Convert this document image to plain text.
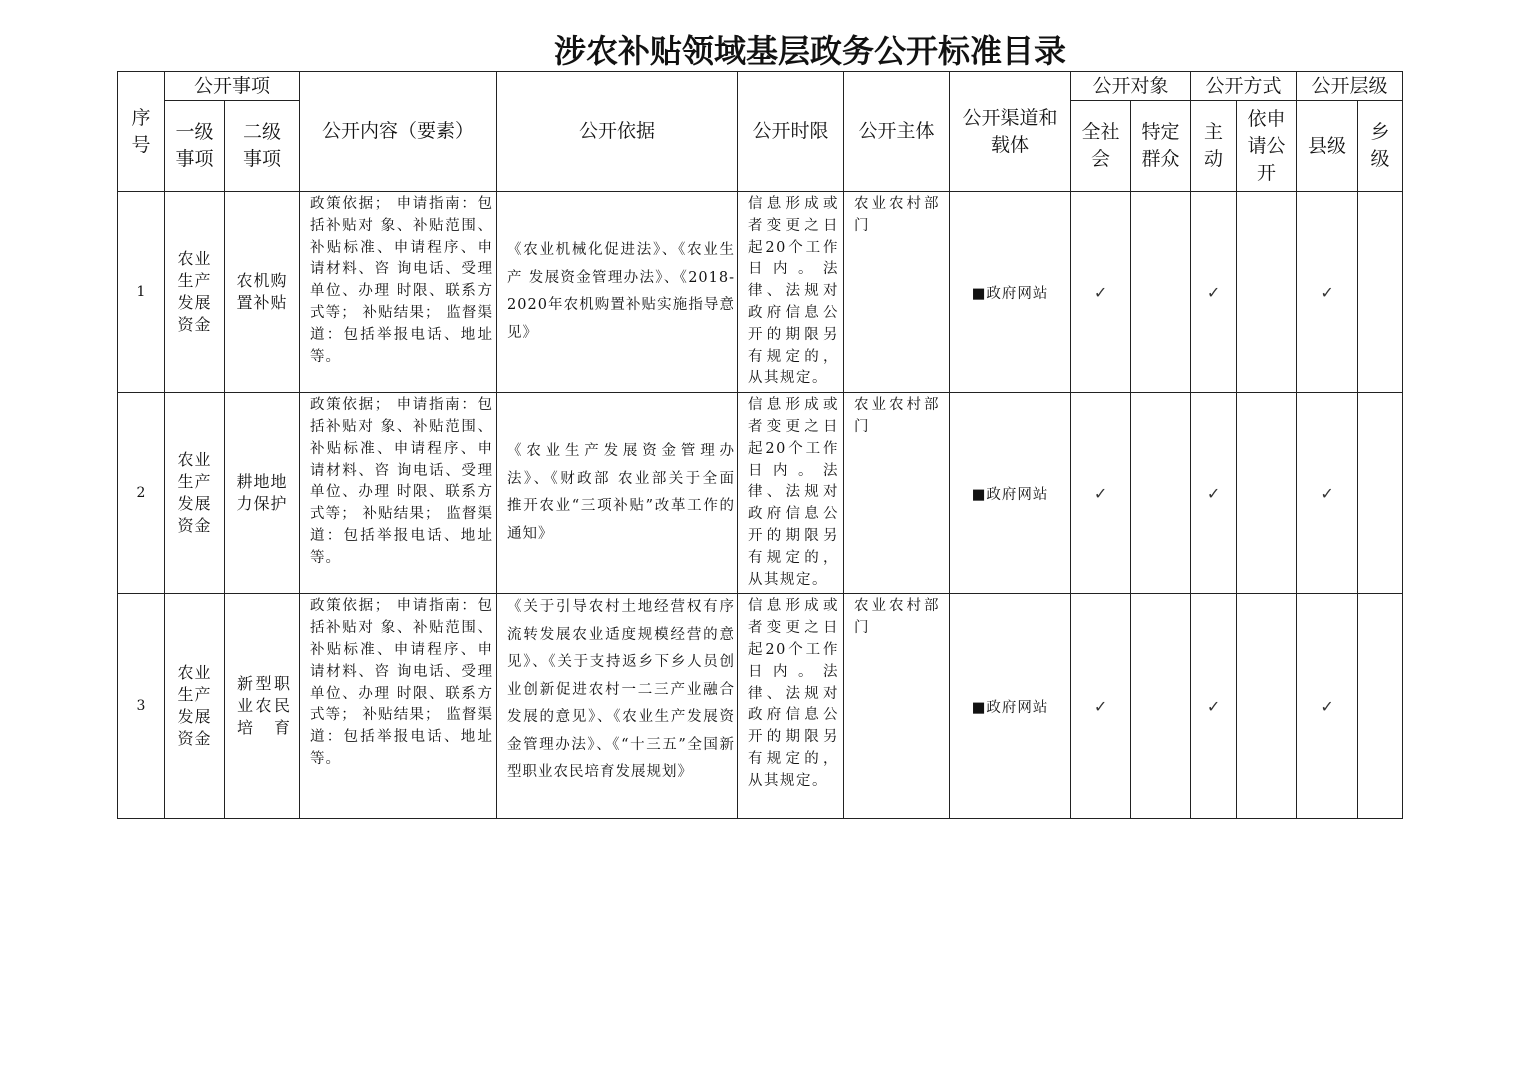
涉农补贴领域基层政务公开标准目录
序号	公开事项		公开内容（要素）	公开依据	公开时限	公开主体	公开渠道和载体	公开对象		公开方式		公开层级	

	一级事项	二级事项						全社会	特定群众	主动	依申请公开	县级	乡级

1	农业生产发展资金	农机购置补贴	政策依据； 申请指南：包括补贴对 象、补贴范围、补贴标准、申请程序、申请材料、咨 询电话、受理单位、办理 时限、联系方式等； 补贴结果； 监督渠道：包括举报电话、地址等。	《农业机械化促进法》、《农业生产 发展资金管理办法》、《2018-2020年农机购置补贴实施指导意见》	信息形成或者变更之日起20个工作日内。法律、法规对政府信息公开的期限另有规定的，从其规定。	农业农村部门	■政府网站	✓		✓		✓	
2	农业生产发展资金	耕地地力保护	政策依据； 申请指南：包括补贴对 象、补贴范围、补贴标准、申请程序、申请材料、咨 询电话、受理单位、办理 时限、联系方式等； 补贴结果； 监督渠道：包括举报电话、地址等。	《农业生产发展资金管理办 法》、《财政部 农业部关于全面 推开农业“三项补贴”改革工作的通知》	信息形成或者变更之日起20个工作日内。法律、法规对政府信息公开的期限另有规定的，从其规定。	农业农村部门	■政府网站	✓		✓		✓	
3	农业生产发展资金	新型职业农民培育	政策依据； 申请指南：包括补贴对 象、补贴范围、补贴标准、申请程序、申请材料、咨 询电话、受理单位、办理 时限、联系方式等； 补贴结果； 监督渠道：包括举报电话、地址等。	《关于引导农村土地经营权有序流转发展农业适度规模经营的意见》、《关于支持返乡下乡人员创业创新促进农村一二三产业融合发展的意见》、《农业生产发展资金管理办法》、《“十三五”全国新型职业农民培育发展规划》	信息形成或者变更之日起20个工作日内。法律、法规对政府信息公开的期限另有规定的，从其规定。	农业农村部门	■政府网站	✓		✓		✓	
